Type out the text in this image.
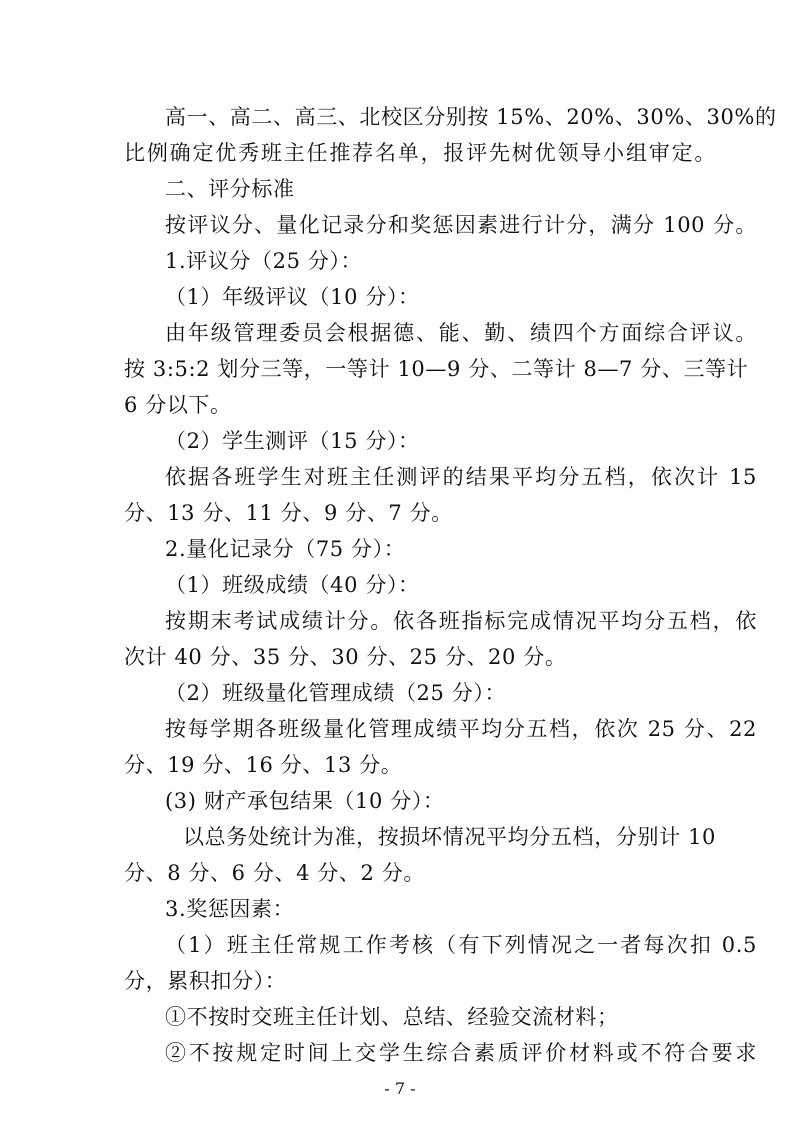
高一、高二、高三、北校区分别按 15%、20%、30%、30%的
比例确定优秀班主任推荐名单，报评先树优领导小组审定。
二、评分标准
按评议分、量化记录分和奖惩因素进行计分，满分 100 分。
1.评议分（25 分）：
（1）年级评议（10 分）：
由年级管理委员会根据德、能、勤、绩四个方面综合评议。
按 3:5:2 划分三等，一等计 10—9 分、二等计 8—7 分、三等计
6 分以下。
（2）学生测评（15 分）：
依据各班学生对班主任测评的结果平均分五档，依次计 15
分、13 分、11 分、9 分、7 分。
2.量化记录分（75 分）：
（1）班级成绩（40 分）：
按期末考试成绩计分。依各班指标完成情况平均分五档，依
次计 40 分、35 分、30 分、25 分、20 分。
（2）班级量化管理成绩（25 分）：
按每学期各班级量化管理成绩平均分五档，依次 25 分、22
分、19 分、16 分、13 分。
(3) 财产承包结果（10 分）：
以总务处统计为准，按损坏情况平均分五档，分别计 10
分、8 分、6 分、4 分、2 分。
3.奖惩因素：
（1）班主任常规工作考核（有下列情况之一者每次扣 0.5
分，累积扣分）：
①不按时交班主任计划、总结、经验交流材料；
②不按规定时间上交学生综合素质评价材料或不符合要求
- 7 -
